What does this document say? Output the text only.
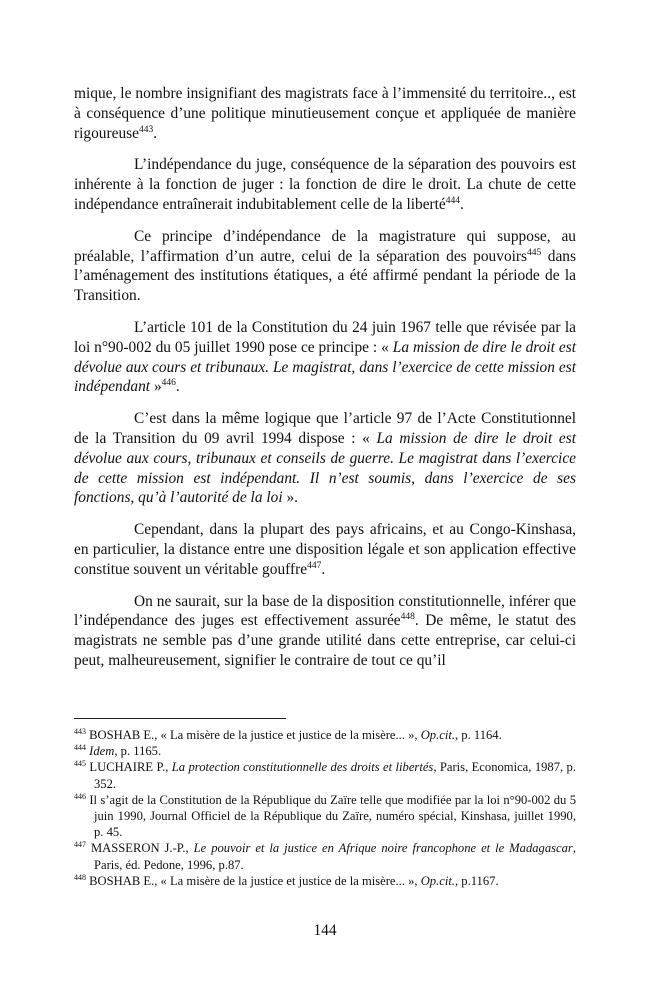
mique, le nombre insignifiant des magistrats face à l’immensité du territoire.., est à conséquence d’une politique minutieusement conçue et appliquée de manière rigoureuse$^{443}$.

L’indépendance du juge, conséquence de la séparation des pouvoirs est inhérente à la fonction de juger : la fonction de dire le droit. La chute de cette indépendance entraînerait indubitablement celle de la liberté$^{444}$.

Ce principe d’indépendance de la magistrature qui suppose, au préalable, l’affirmation d’un autre, celui de la séparation des pouvoirs$^{445}$ dans l’aménagement des institutions étatiques, a été affirmé pendant la période de la Transition.

L’article 101 de la Constitution du 24 juin 1967 telle que révisée par la loi n°90-002 du 05 juillet 1990 pose ce principe : « La mission de dire le droit est dévolue aux cours et tribunaux. Le magistrat, dans l’exercice de cette mission est indépendant »$^{446}$.

C’est dans la même logique que l’article 97 de l’Acte Constitutionnel de la Transition du 09 avril 1994 dispose : « La mission de dire le droit est dévolue aux cours, tribunaux et conseils de guerre. Le magistrat dans l’exercice de cette mission est indépendant. Il n’est soumis, dans l’exercice de ses fonctions, qu’à l’autorité de la loi ».

Cependant, dans la plupart des pays africains, et au Congo-Kinshasa, en particulier, la distance entre une disposition légale et son application effective constitue souvent un véritable gouffre$^{447}$.

On ne saurait, sur la base de la disposition constitutionnelle, inférer que l’indépendance des juges est effectivement assurée$^{448}$. De même, le statut des magistrats ne semble pas d’une grande utilité dans cette entreprise, car celui-ci peut, malheureusement, signifier le contraire de tout ce qu’il

$^{443}$ BOSHAB E., « La misère de la justice et justice de la misère... », Op.cit., p. 1164.

$^{444}$ Idem, p. 1165.

$^{445}$ LUCHAIRE P., La protection constitutionnelle des droits et libertés, Paris, Economica, 1987, p. 352.

$^{446}$ Il s’agit de la Constitution de la République du Zaïre telle que modifiée par la loi n°90-002 du 5 juin 1990, Journal Officiel de la République du Zaïre, numéro spécial, Kinshasa, juillet 1990, p. 45.

$^{447}$ MASSERON J.-P., Le pouvoir et la justice en Afrique noire francophone et le Madagascar, Paris, éd. Pedone, 1996, p.87.

$^{448}$ BOSHAB E., « La misère de la justice et justice de la misère... », Op.cit., p.1167.

144
